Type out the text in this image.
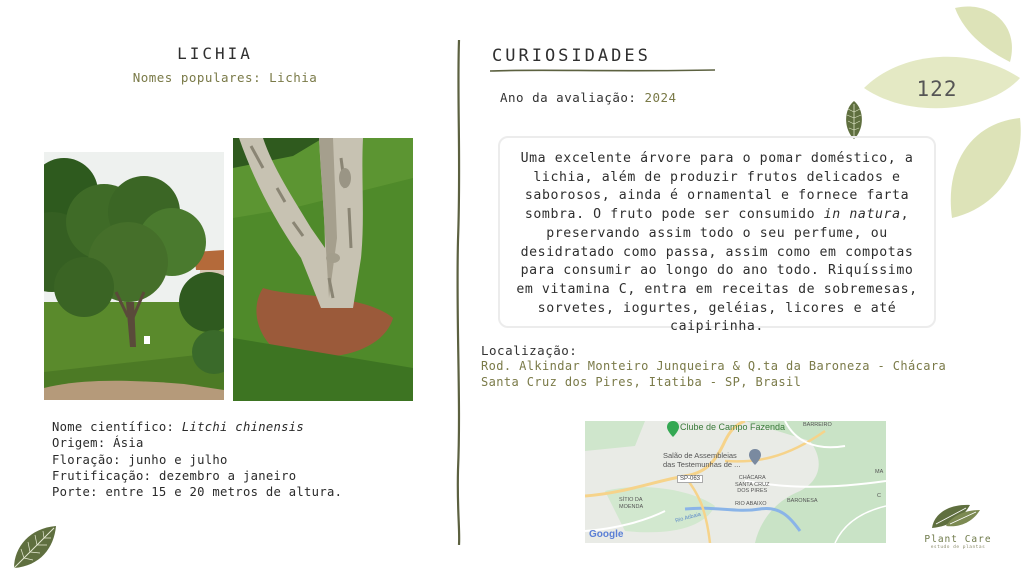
122
LICHIA
Nomes populares: Lichia
Nome científico: Litchi chinensis
Origem: Ásia
Floração: junho e julho
Frutificação: dezembro a janeiro
Porte: entre 15 e 20 metros de altura.
CURIOSIDADES
Ano da avaliação: 2024
Uma excelente árvore para o pomar doméstico, a lichia, além de produzir frutos delicados e saborosos, ainda é ornamental e fornece farta sombra. O fruto pode ser consumido in natura, preservando assim todo o seu perfume, ou desidratado como passa, assim como em compotas para consumir ao longo do ano todo. Riquíssimo em vitamina C, entra em receitas de sobremesas, sorvetes, iogurtes, geléias, licores e até caipirinha.
Localização:
Rod. Alkindar Monteiro Junqueira & Q.ta da Baroneza - Chácara Santa Cruz dos Pires, Itatiba - SP, Brasil
Clube de Campo Fazenda
Salão de Assembleias
das Testemunhas de ...
SP-063	CHÁCARA
SANTA CRUZ
DOS PIRES
SÍTIO DA
MOENDA	RIO ABAIXO	BARONESA
BARREIRO
Rio Atibaia
MA
C
Google	Plant Care
estudo de plantas
